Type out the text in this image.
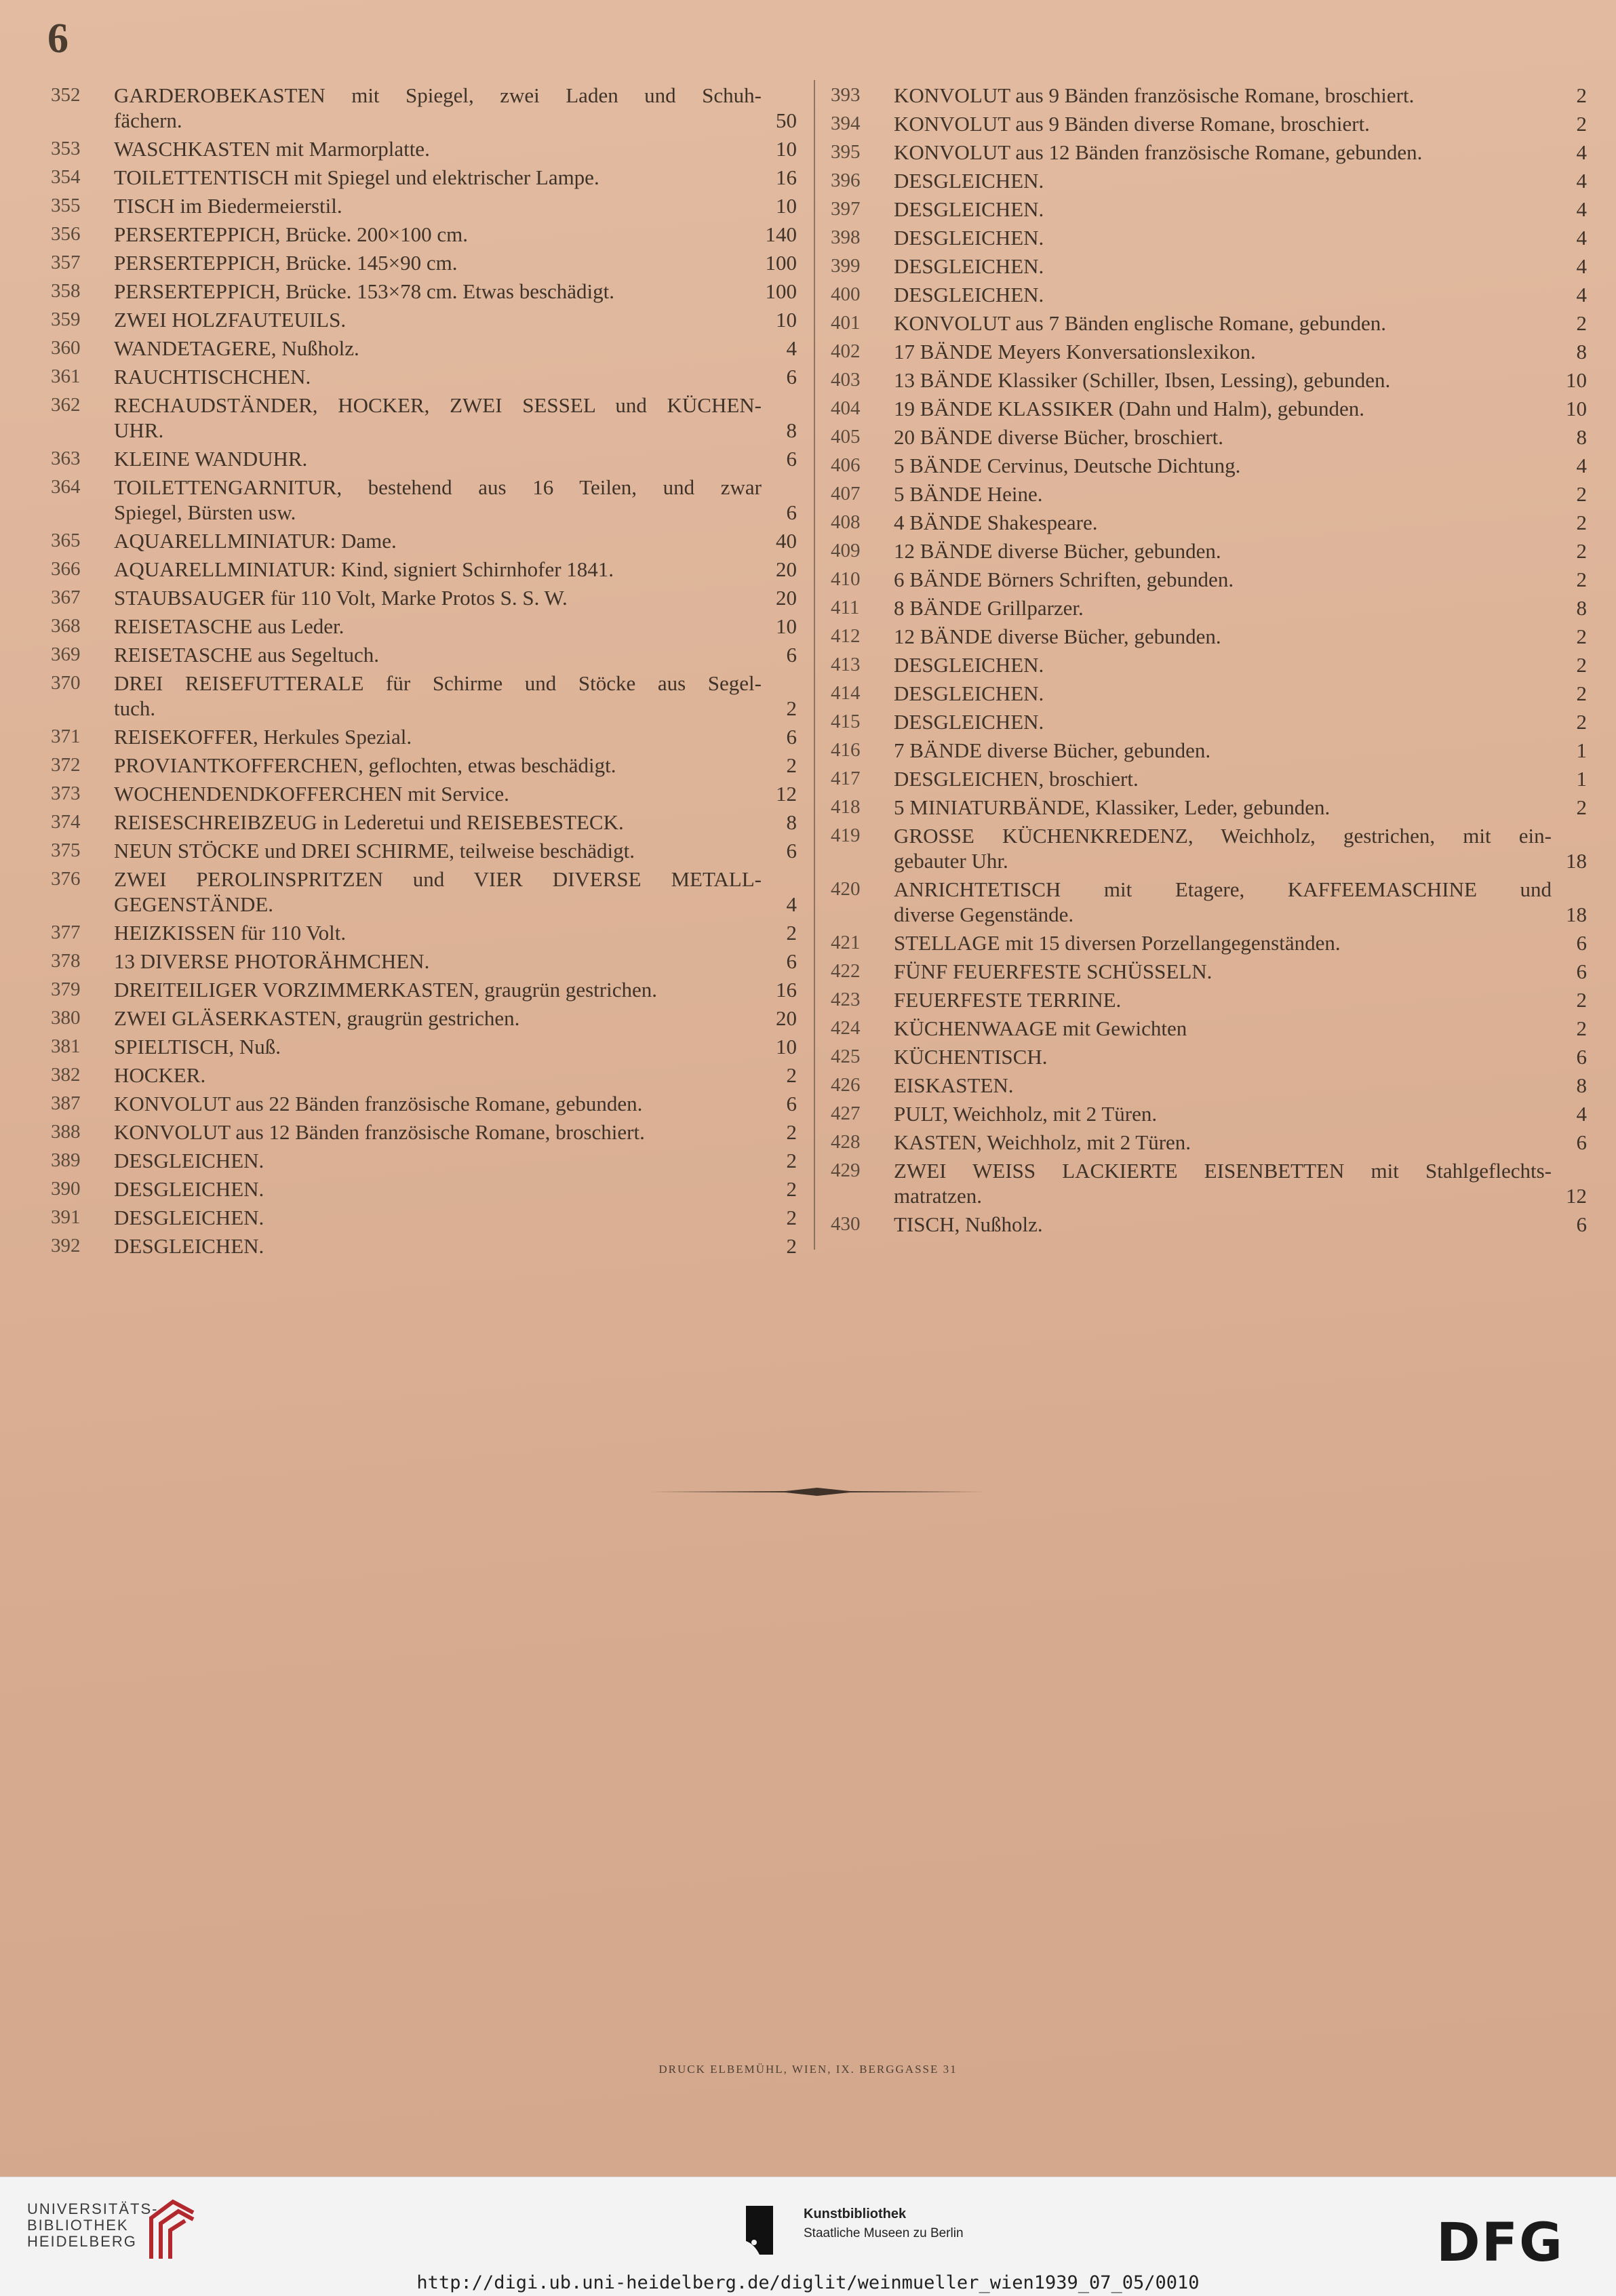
6
352	GARDEROBEKASTEN mit Spiegel, zwei Laden und Schuh-
fächern.	50
353	WASCHKASTEN mit Marmorplatte.	10
354	TOILETTENTISCH mit Spiegel und elektrischer Lampe.	16
355	TISCH im Biedermeierstil.	10
356	PERSERTEPPICH, Brücke. 200×100 cm.	140
357	PERSERTEPPICH, Brücke. 145×90 cm.	100
358	PERSERTEPPICH, Brücke. 153×78 cm. Etwas beschädigt.	100
359	ZWEI HOLZFAUTEUILS.	10
360	WANDETAGERE, Nußholz.	4
361	RAUCHTISCHCHEN.	6
362	RECHAUDSTÄNDER, HOCKER, ZWEI SESSEL und KÜCHEN-
UHR.	8
363	KLEINE WANDUHR.	6
364	TOILETTENGARNITUR, bestehend aus 16 Teilen, und zwar
Spiegel, Bürsten usw.	6
365	AQUARELLMINIATUR: Dame.	40
366	AQUARELLMINIATUR: Kind, signiert Schirnhofer 1841.	20
367	STAUBSAUGER für 110 Volt, Marke Protos S. S. W.	20
368	REISETASCHE aus Leder.	10
369	REISETASCHE aus Segeltuch.	6
370	DREI REISEFUTTERALE für Schirme und Stöcke aus Segel-
tuch.	2
371	REISEKOFFER, Herkules Spezial.	6
372	PROVIANTKOFFERCHEN, geflochten, etwas beschädigt.	2
373	WOCHENDENDKOFFERCHEN mit Service.	12
374	REISESCHREIBZEUG in Lederetui und REISEBESTECK.	8
375	NEUN STÖCKE und DREI SCHIRME, teilweise beschädigt.	6
376	ZWEI PEROLINSPRITZEN und VIER DIVERSE METALL-
GEGENSTÄNDE.	4
377	HEIZKISSEN für 110 Volt.	2
378	13 DIVERSE PHOTORÄHMCHEN.	6
379	DREITEILIGER VORZIMMERKASTEN, graugrün gestrichen.	16
380	ZWEI GLÄSERKASTEN, graugrün gestrichen.	20
381	SPIELTISCH, Nuß.	10
382	HOCKER.	2
387	KONVOLUT aus 22 Bänden französische Romane, gebunden.	6
388	KONVOLUT aus 12 Bänden französische Romane, broschiert.	2
389	DESGLEICHEN.	2
390	DESGLEICHEN.	2
391	DESGLEICHEN.	2
392	DESGLEICHEN.	2
393	KONVOLUT aus 9 Bänden französische Romane, broschiert.	2
394	KONVOLUT aus 9 Bänden diverse Romane, broschiert.	2
395	KONVOLUT aus 12 Bänden französische Romane, gebunden.	4
396	DESGLEICHEN.	4
397	DESGLEICHEN.	4
398	DESGLEICHEN.	4
399	DESGLEICHEN.	4
400	DESGLEICHEN.	4
401	KONVOLUT aus 7 Bänden englische Romane, gebunden.	2
402	17 BÄNDE Meyers Konversationslexikon.	8
403	13 BÄNDE Klassiker (Schiller, Ibsen, Lessing), gebunden.	10
404	19 BÄNDE KLASSIKER (Dahn und Halm), gebunden.	10
405	20 BÄNDE diverse Bücher, broschiert.	8
406	5 BÄNDE Cervinus, Deutsche Dichtung.	4
407	5 BÄNDE Heine.	2
408	4 BÄNDE Shakespeare.	2
409	12 BÄNDE diverse Bücher, gebunden.	2
410	6 BÄNDE Börners Schriften, gebunden.	2
411	8 BÄNDE Grillparzer.	8
412	12 BÄNDE diverse Bücher, gebunden.	2
413	DESGLEICHEN.	2
414	DESGLEICHEN.	2
415	DESGLEICHEN.	2
416	7 BÄNDE diverse Bücher, gebunden.	1
417	DESGLEICHEN, broschiert.	1
418	5 MINIATURBÄNDE, Klassiker, Leder, gebunden.	2
419	GROSSE KÜCHENKREDENZ, Weichholz, gestrichen, mit ein-
gebauter Uhr.	18
420	ANRICHTETISCH mit Etagere, KAFFEEMASCHINE und
diverse Gegenstände.	18
421	STELLAGE mit 15 diversen Porzellangegenständen.	6
422	FÜNF FEUERFESTE SCHÜSSELN.	6
423	FEUERFESTE TERRINE.	2
424	KÜCHENWAAGE mit Gewichten	2
425	KÜCHENTISCH.	6
426	EISKASTEN.	8
427	PULT, Weichholz, mit 2 Türen.	4
428	KASTEN, Weichholz, mit 2 Türen.	6
429	ZWEI WEISS LACKIERTE EISENBETTEN mit Stahlgeflechts-
matratzen.	12
430	TISCH, Nußholz.	6
DRUCK ELBEMÜHL, WIEN, IX. BERGGASSE 31
UNIVERSITÄTS-
BIBLIOTHEK
HEIDELBERG
Kunstbibliothek
Staatliche Museen zu Berlin	DFG
http://digi.ub.uni-heidelberg.de/diglit/weinmueller_wien1939_07_05/0010
